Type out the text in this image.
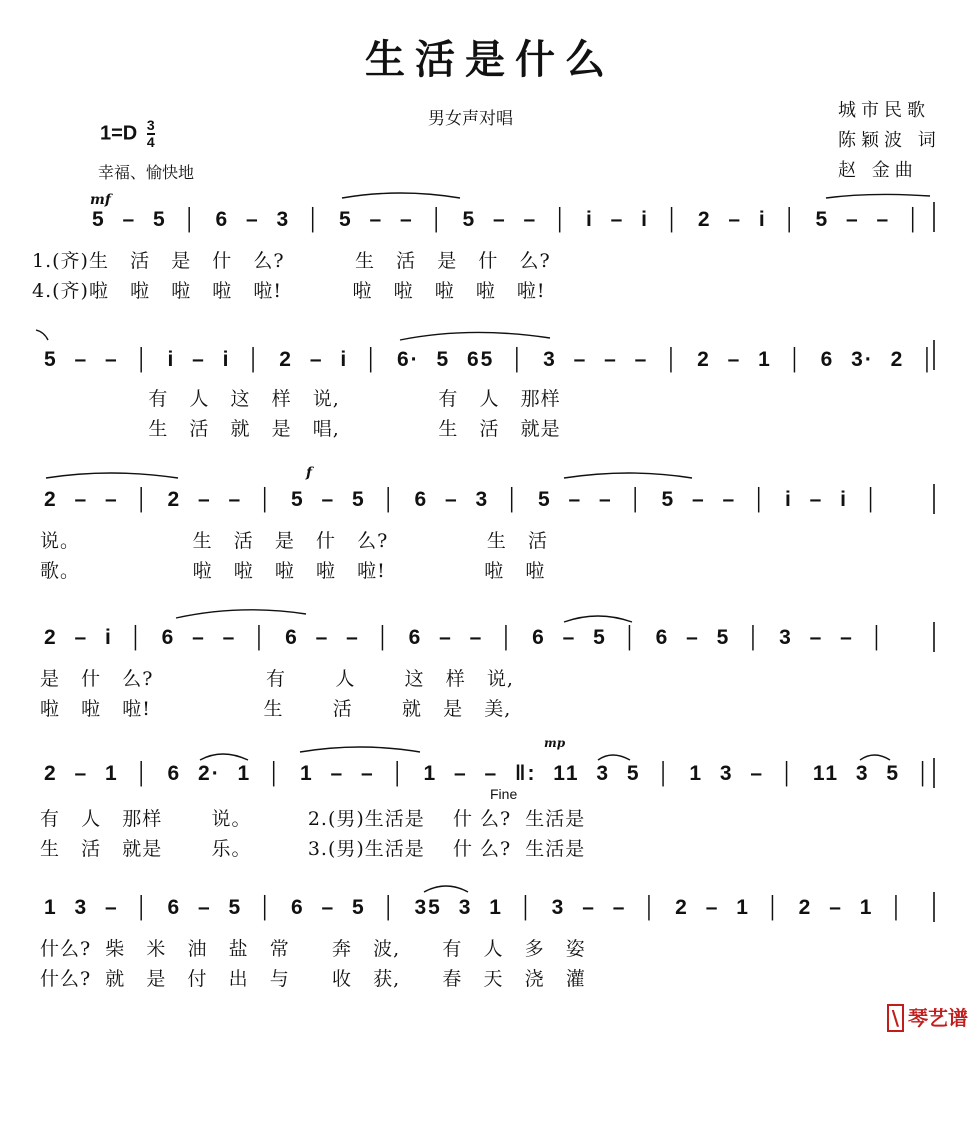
生活是什么
男女声对唱
$1=D \frac{3}{4}$
幸福、愉快地
城市民歌
陈颖波 词
赵 金曲
mf
5 – 5 │ 6 – 3 │ 5 – – │ 5 – – │ i – i │ 2 – i │ 5 – – │
1.(齐)生   活   是   什   么?          生   活   是   什   么?
4.(齐)啦   啦   啦   啦   啦!          啦   啦   啦   啦   啦!
5 – – │ i – i │ 2 – i │ 6· 5 65 │ 3 – – – │ 2 – 1 │ 6 3· 2 │
有   人   这   样   说,              有   人   那样
生   活   就   是   唱,              生   活   就是
f
2 – – │ 2 – – │ 5 – 5 │ 6 – 3 │ 5 – – │ 5 – – │ i – i │
说。                生   活   是   什   么?              生   活
歌。                啦   啦   啦   啦   啦!              啦   啦
2 – i │ 6 – – │ 6 – – │ 6 – – │ 6 – 5 │ 6 – 5 │ 3 – – │
是   什   么?                有       人       这   样   说,
啦   啦   啦!                生       活       就   是   美,
mp
2 – 1 │ 6 2· 1 │ 1 – – │ 1 – – ‖: 11 3 5 │ 1 3 – │ 11 3 5 │
Fine
有   人   那样       说。        2.(男)生活是    什 么?  生活是
生   活   就是       乐。        3.(男)生活是    什 么?  生活是
1 3 – │ 6 – 5 │ 6 – 5 │ 35 3 1 │ 3 – – │ 2 – 1 │ 2 – 1 │
什么?  柴   米   油   盐   常      奔   波,      有   人   多   姿
什么?  就   是   付   出   与      收   获,      春   天   浇   灌
\ 琴艺谱
